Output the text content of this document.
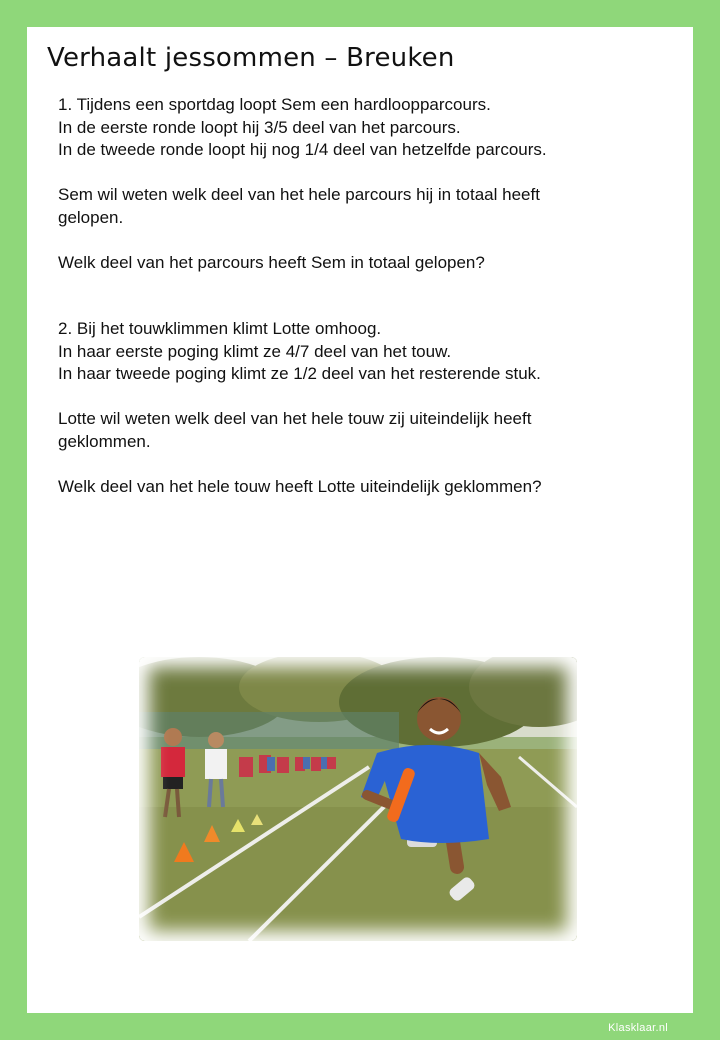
Verhaalt jessommen – Breuken

1. Tijdens een sportdag loopt Sem een hardloopparcours.

In de eerste ronde loopt hij 3/5 deel van het parcours.

In de tweede ronde loopt hij nog 1/4 deel van hetzelfde parcours.

Sem wil weten welk deel van het hele parcours hij in totaal heeft gelopen.

Welk deel van het parcours heeft Sem in totaal gelopen?

2. Bij het touwklimmen klimt Lotte omhoog.

In haar eerste poging klimt ze 4/7 deel van het touw.

In haar tweede poging klimt ze 1/2 deel van het resterende stuk.

Lotte wil weten welk deel van het hele touw zij uiteindelijk heeft geklommen.

Welk deel van het hele touw heeft Lotte uiteindelijk geklommen?

Klasklaar.nl
